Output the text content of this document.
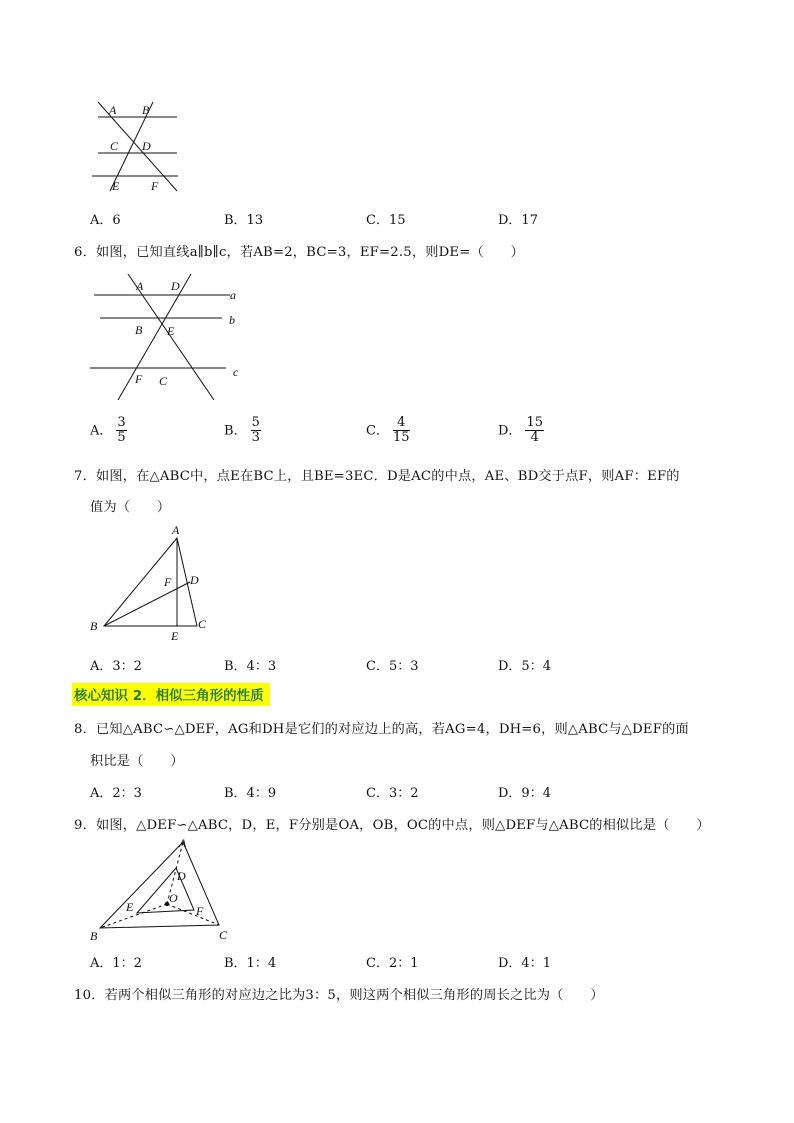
A B
C D
E	F
A．6	B．13	C．15	D．17
6．如图，已知直线a∥b∥c，若AB=2，BC=3，EF=2.5，则DE=（　　）
A D
B E
F C
a
b
c
A． $\frac{3}{5}$	B． $\frac{5}{3}$	C． $\frac{4}{15}$	D． $\frac{15}{4}$
7．如图，在△ABC中，点E在BC上，且BE=3EC．D是AC的中点，AE、BD交于点F，则AF：EF的
值为（　　）
A
B	C
D
E
F
A．3：2	B．4：3	C．5：3	D．5：4
核心知识 2．相似三角形的性质
8．已知△ABC∽△DEF，AG和DH是它们的对应边上的高，若AG=4，DH=6，则△ABC与△DEF的面
积比是（　　）
A．2：3	B．4：9	C．3：2	D．9：4
9．如图，△DEF∽△ABC，D，E，F分别是OA，OB，OC的中点，则△DEF与△ABC的相似比是（　　）
A
B	C
D
E	F
O
A．1：2	B．1：4	C．2：1	D．4：1
10．若两个相似三角形的对应边之比为3：5，则这两个相似三角形的周长之比为（　　）
